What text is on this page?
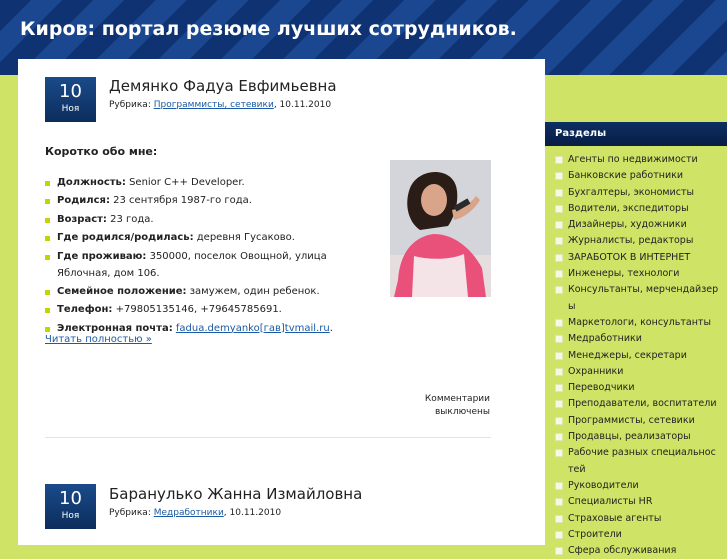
Киров: портал резюме лучших сотрудников.
10
Ноя
Демянко Фадуа Евфимьевна
Рубрика: Программисты, сетевики, 10.11.2010
Коротко обо мне:
Должность: Senior C++ Developer.
Родился: 23 сентября 1987-го года.
Возраст: 23 года.
Где родился/родилась: деревня Гусаково.
Где проживаю: 350000, поселок Овощной, улица Яблочная, дом 106.
Семейное положение: замужем, один ребенок.
Телефон: +79805135146, +79645785691.
Электронная почта: fadua.demyanko[гав]tvmail.ru.
Читать полностью »
Комментарии выключены
10
Ноя
Баранулько Жанна Измайловна
Рубрика: Медработники, 10.11.2010
Разделы
Агенты по недвижимости
Банковские работники
Бухгалтеры, экономисты
Водители, экспедиторы
Дизайнеры, художники
Журналисты, редакторы
ЗАРАБОТОК В ИНТЕРНЕТ
Инженеры, технологи
Консультанты, мерчендайзеры
Маркетологи, консультанты
Медработники
Менеджеры, секретари
Охранники
Переводчики
Преподаватели, воспитатели
Программисты, сетевики
Продавцы, реализаторы
Рабочие разных специальностей
Руководители
Специалисты HR
Страховые агенты
Строители
Сфера обслуживания
